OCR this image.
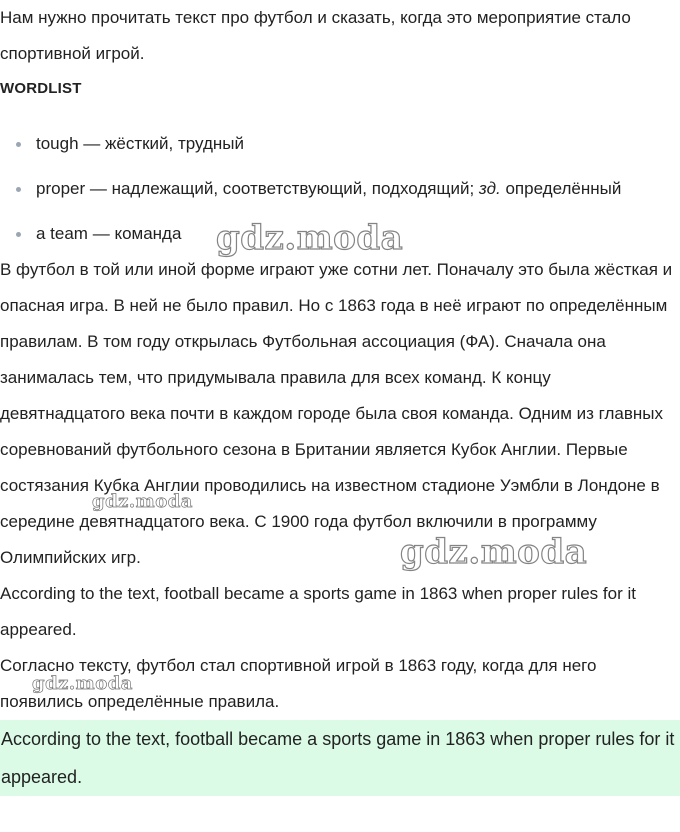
Нам нужно прочитать текст про футбол и сказать, когда это мероприятие стало спортивной игрой.

WORDLIST
tough — жёсткий, трудный
proper — надлежащий, соответствующий, подходящий; зд. определённый
a team — команда

В футбол в той или иной форме играют уже сотни лет. Поначалу это была жёсткая и опасная игра. В ней не было правил. Но с 1863 года в неё играют по определённым правилам. В том году открылась Футбольная ассоциация (ФА). Сначала она занималась тем, что придумывала правила для всех команд. К концу девятнадцатого века почти в каждом городе была своя команда. Одним из главных соревнований футбольного сезона в Британии является Кубок Англии. Первые состязания Кубка Англии проводились на известном стадионе Уэмбли в Лондоне в середине девятнадцатого века. С 1900 года футбол включили в программу Олимпийских игр.

According to the text, football became a sports game in 1863 when proper rules for it appeared.

Согласно тексту, футбол стал спортивной игрой в 1863 году, когда для него появились определённые правила.

According to the text, football became a sports game in 1863 when proper rules for it appeared.

gdz.moda
gdz.moda
gdz.moda
gdz.moda
